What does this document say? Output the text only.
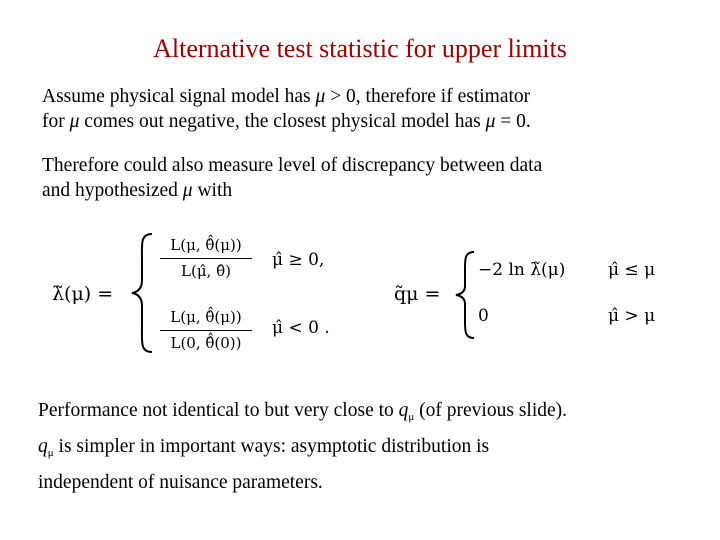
Alternative test statistic for upper limits
Assume physical signal model has μ > 0, therefore if estimator
for μ comes out negative, the closest physical model has μ = 0.
Therefore could also measure level of discrepancy between data
and hypothesized μ with
λ̃(μ) =
L(μ, θ̂̂(μ))
L(μ̂, θ̂)
μ̂ ≥ 0,
L(μ, θ̂̂(μ))
L(0, θ̂̂(0))
μ̂ < 0 .
q̃μ =
−2 ln λ̃(μ)	μ̂ ≤ μ
0	μ̂ > μ
Performance not identical to but very close to $q_\mu$ (of previous slide).
$q_\mu$ is simpler in important ways: asymptotic distribution is
independent of nuisance parameters.
